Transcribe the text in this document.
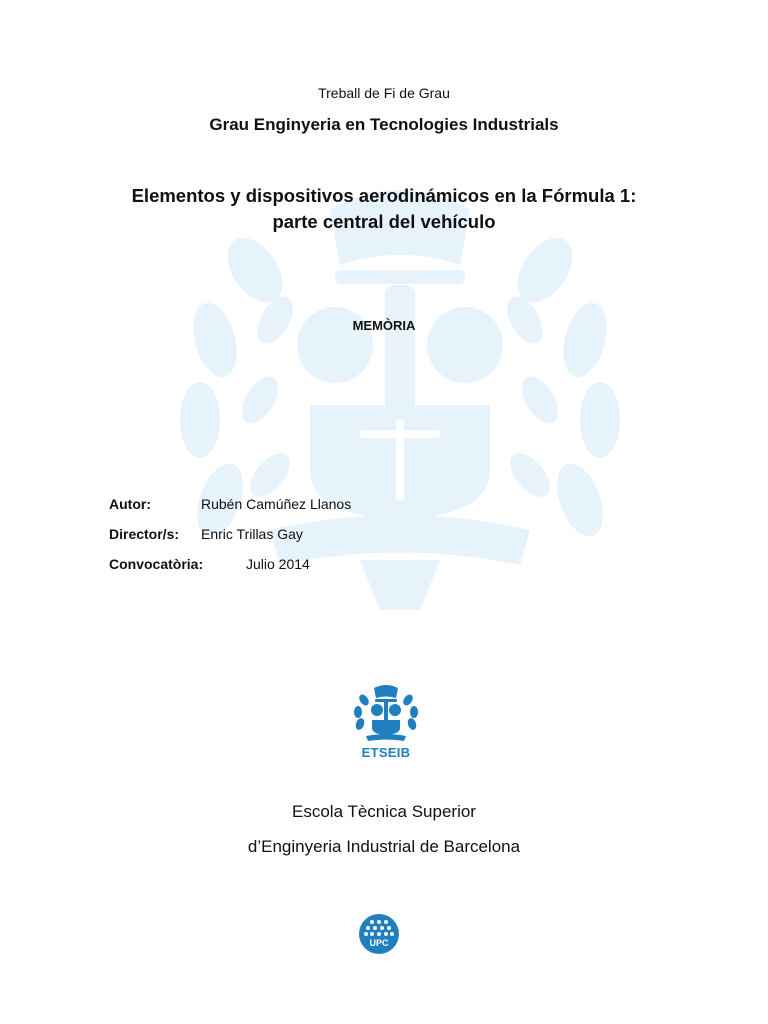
Treball de Fi de Grau
Grau Enginyeria en Tecnologies Industrials
Elementos y dispositivos aerodinámicos en la Fórmula 1:
parte central del vehículo
MEMÒRIA
Autor:	Rubén Camúñez Llanos
Director/s: Enric Trillas Gay
Convocatòria:	Julio 2014
ETSEIB
Escola Tècnica Superior
d’Enginyeria Industrial de Barcelona
UPC
